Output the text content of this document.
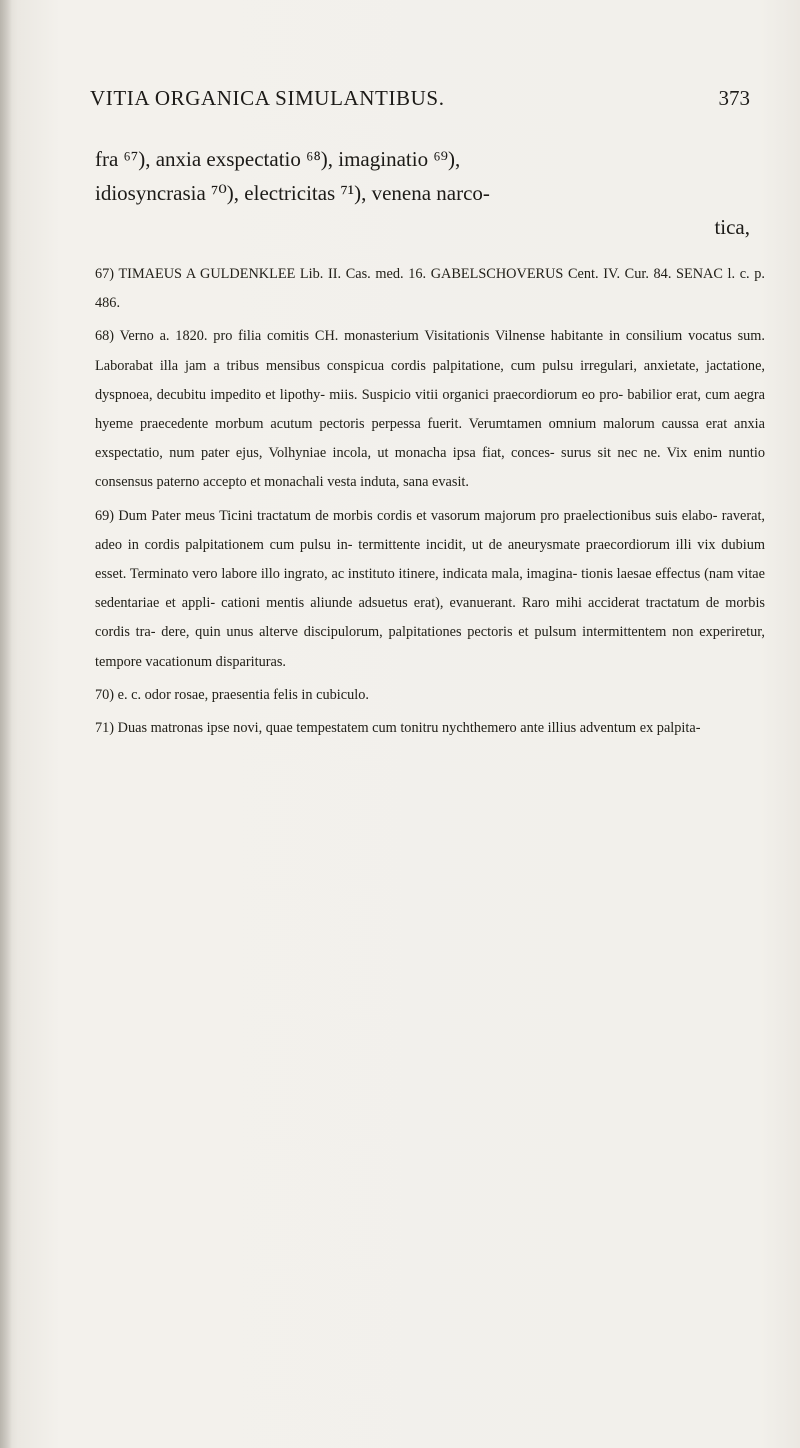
VITIA ORGANICA SIMULANTIBUS.	373

fra ⁶⁷), anxia exspectatio ⁶⁸), imaginatio ⁶⁹),

idiosyncrasia ⁷⁰), electricitas ⁷¹), venena narco-

tica,

67) TIMAEUS A GULDENKLEE Lib. II. Cas. med. 16. GABELSCHOVERUS Cent. IV. Cur. 84. SENAC l. c. p. 486.

68) Verno a. 1820. pro filia comitis CH. monasterium Visitationis Vilnense habitante in consilium vocatus sum. Laborabat illa jam a tribus mensibus conspicua cordis palpitatione, cum pulsu irregulari, anxietate, jactatione, dyspnoea, decubitu impedito et lipothy- miis. Suspicio vitii organici praecordiorum eo pro- babilior erat, cum aegra hyeme praecedente morbum acutum pectoris perpessa fuerit. Verumtamen omnium malorum caussa erat anxia exspectatio, num pater ejus, Volhyniae incola, ut monacha ipsa fiat, conces- surus sit nec ne. Vix enim nuntio consensus paterno accepto et monachali vesta induta, sana evasit.

69) Dum Pater meus Ticini tractatum de morbis cordis et vasorum majorum pro praelectionibus suis elabo- raverat, adeo in cordis palpitationem cum pulsu in- termittente incidit, ut de aneurysmate praecordiorum illi vix dubium esset. Terminato vero labore illo ingrato, ac instituto itinere, indicata mala, imagina- tionis laesae effectus (nam vitae sedentariae et appli- cationi mentis aliunde adsuetus erat), evanuerant. Raro mihi acciderat tractatum de morbis cordis tra- dere, quin unus alterve discipulorum, palpitationes pectoris et pulsum intermittentem non experiretur, tempore vacationum disparituras.

70) e. c. odor rosae, praesentia felis in cubiculo.

71) Duas matronas ipse novi, quae tempestatem cum tonitru nychthemero ante illius adventum ex palpita-
